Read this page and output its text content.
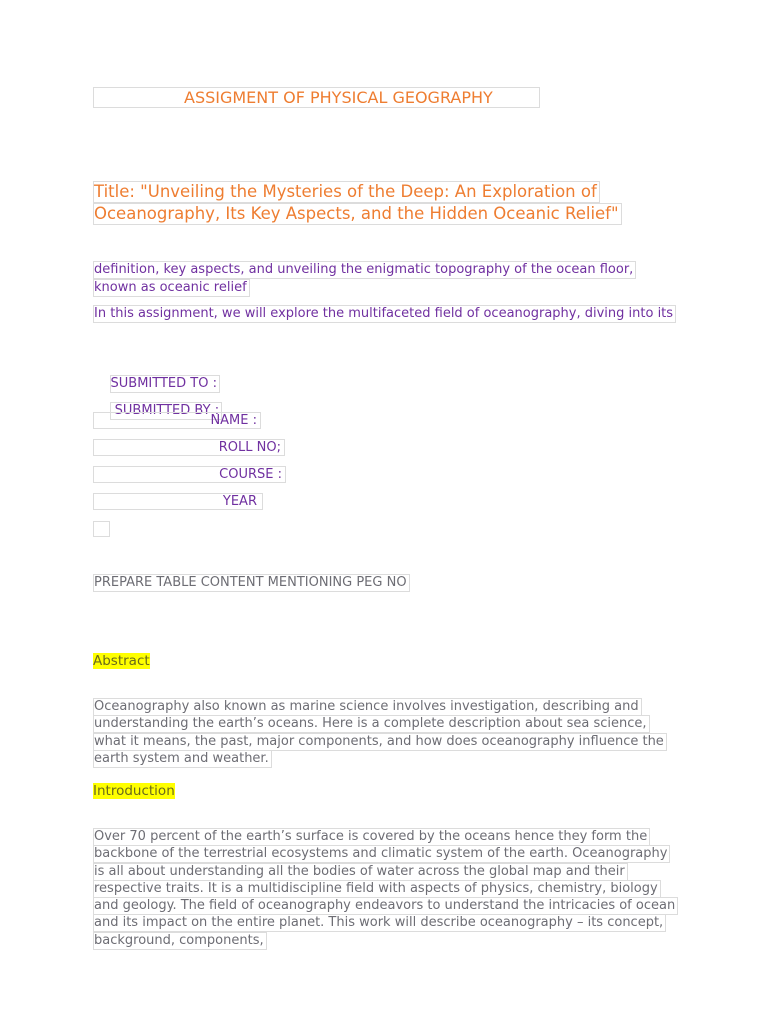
ASSIGMENT OF PHYSICAL GEOGRAPHY
Title: "Unveiling the Mysteries of the Deep: An Exploration of Oceanography, Its Key Aspects, and the Hidden Oceanic Relief"
definition, key aspects, and unveiling the enigmatic topography of the ocean floor, known as oceanic relief
In this assignment, we will explore the multifaceted field of oceanography, diving into its

SUBMITTED TO :

SUBMITTED BY :

NAME :
ROLL NO;
COURSE :
YEAR
PREPARE TABLE CONTENT MENTIONING PEG NO
Abstract
Oceanography also known as marine science involves investigation, describing and understanding the earth’s oceans. Here is a complete description about sea science, what it means, the past, major components, and how does oceanography influence the earth system and weather.
Introduction
Over 70 percent of the earth’s surface is covered by the oceans hence they form the backbone of the terrestrial ecosystems and climatic system of the earth. Oceanography is all about understanding all the bodies of water across the global map and their respective traits. It is a multidiscipline field with aspects of physics, chemistry, biology and geology. The field of oceanography endeavors to understand the intricacies of ocean and its impact on the entire planet. This work will describe oceanography – its concept, background, components,
